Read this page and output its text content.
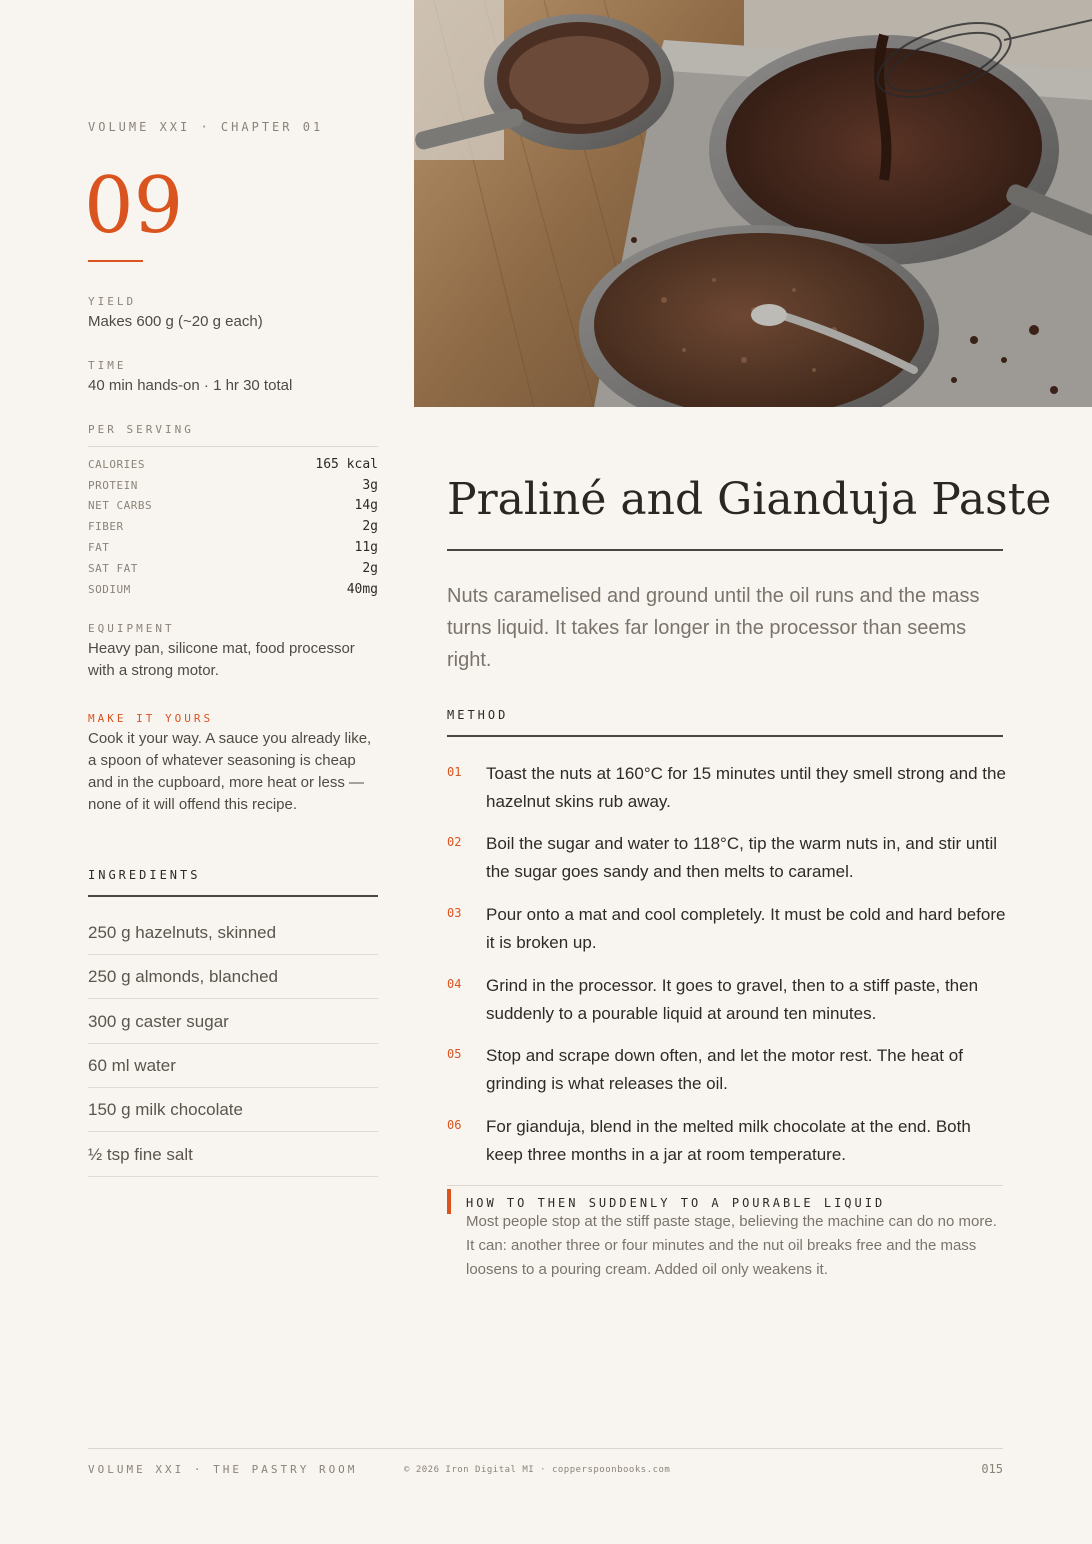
VOLUME XXI · CHAPTER 01
09
YIELD
Makes 600 g (~20 g each)
TIME
40 min hands-on · 1 hr 30 total
PER SERVING
CALORIES	165 kcal
PROTEIN	3g
NET CARBS	14g
FIBER	2g
FAT	11g
SAT FAT	2g
SODIUM	40mg
EQUIPMENT
Heavy pan, silicone mat, food processor with a strong motor.
MAKE IT YOURS
Cook it your way. A sauce you already like, a spoon of whatever seasoning is cheap and in the cupboard, more heat or less — none of it will offend this recipe.
INGREDIENTS
250 g hazelnuts, skinned
250 g almonds, blanched
300 g caster sugar
60 ml water
150 g milk chocolate
½ tsp fine salt
Praliné and Gianduja Paste
Nuts caramelised and ground until the oil runs and the mass turns liquid. It takes far longer in the processor than seems right.
METHOD
01	Toast the nuts at 160°C for 15 minutes until they smell strong and the hazelnut skins rub away.
02	Boil the sugar and water to 118°C, tip the warm nuts in, and stir until the sugar goes sandy and then melts to caramel.
03	Pour onto a mat and cool completely. It must be cold and hard before it is broken up.
04	Grind in the processor. It goes to gravel, then to a stiff paste, then suddenly to a pourable liquid at around ten minutes.
05	Stop and scrape down often, and let the motor rest. The heat of grinding is what releases the oil.
06	For gianduja, blend in the melted milk chocolate at the end. Both keep three months in a jar at room temperature.
HOW TO THEN SUDDENLY TO A POURABLE LIQUID
Most people stop at the stiff paste stage, believing the machine can do no more. It can: another three or four minutes and the nut oil breaks free and the mass loosens to a pouring cream. Added oil only weakens it.
VOLUME XXI · THE PASTRY ROOM	© 2026 Iron Digital MI · copperspoonbooks.com	015
